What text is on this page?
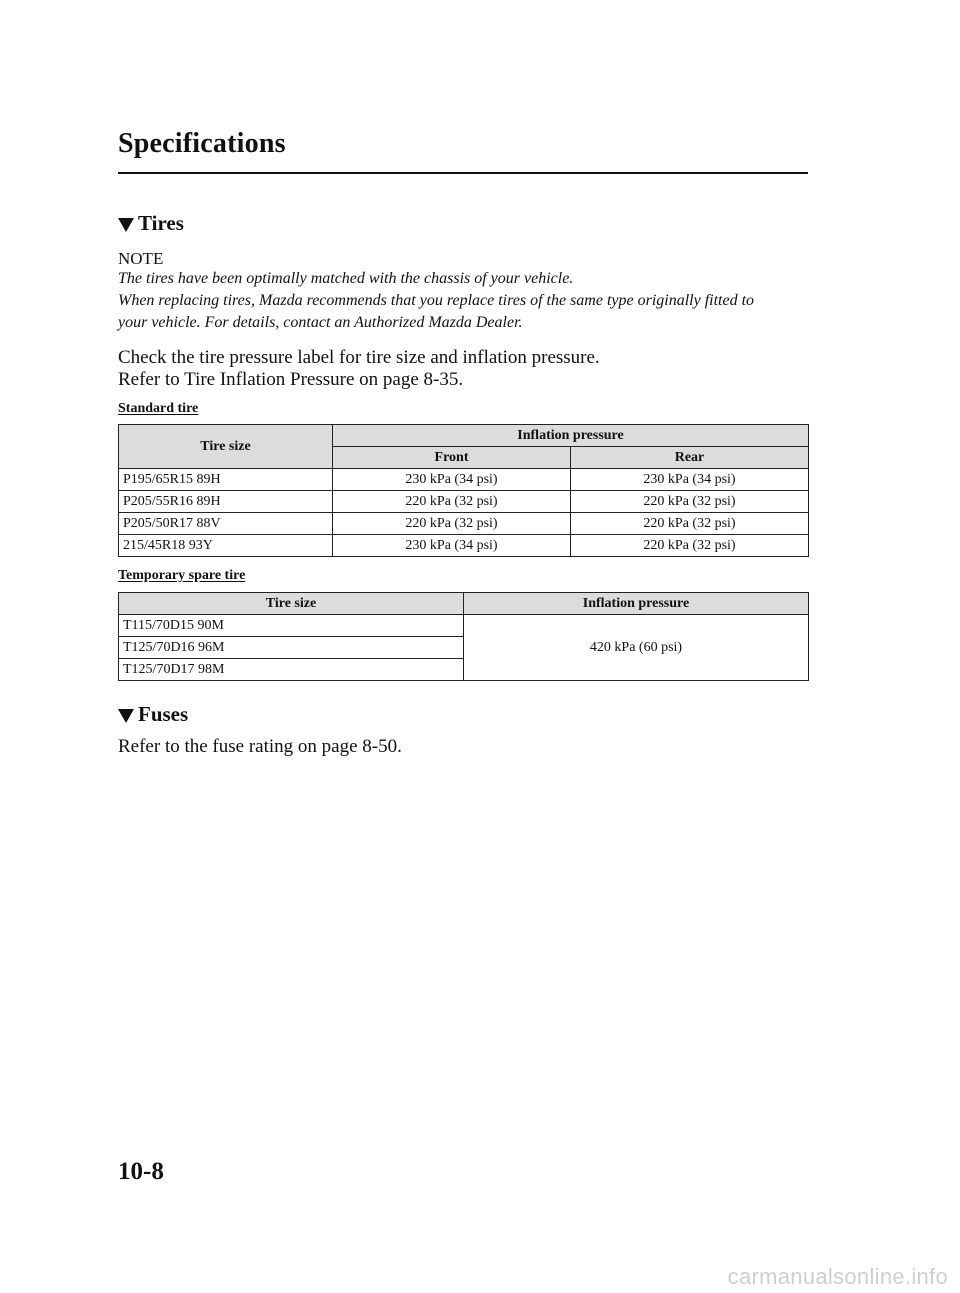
Specifications
Tires
NOTE
The tires have been optimally matched with the chassis of your vehicle.
When replacing tires, Mazda recommends that you replace tires of the same type originally fitted to
your vehicle. For details, contact an Authorized Mazda Dealer.
Check the tire pressure label for tire size and inflation pressure.
Refer to Tire Inflation Pressure on page 8-35.
Standard tire
Tire size	Inflation pressure	
	Front	Rear
P195/65R15 89H	230 kPa (34 psi)	230 kPa (34 psi)
P205/55R16 89H	220 kPa (32 psi)	220 kPa (32 psi)
P205/50R17 88V	220 kPa (32 psi)	220 kPa (32 psi)
215/45R18 93Y	230 kPa (34 psi)	220 kPa (32 psi)
Temporary spare tire
Tire size	Inflation pressure
T115/70D15 90M	420 kPa (60 psi)
T125/70D16 96M	
T125/70D17 98M	
Fuses
Refer to the fuse rating on page 8-50.
10-8
carmanualsonline.info
